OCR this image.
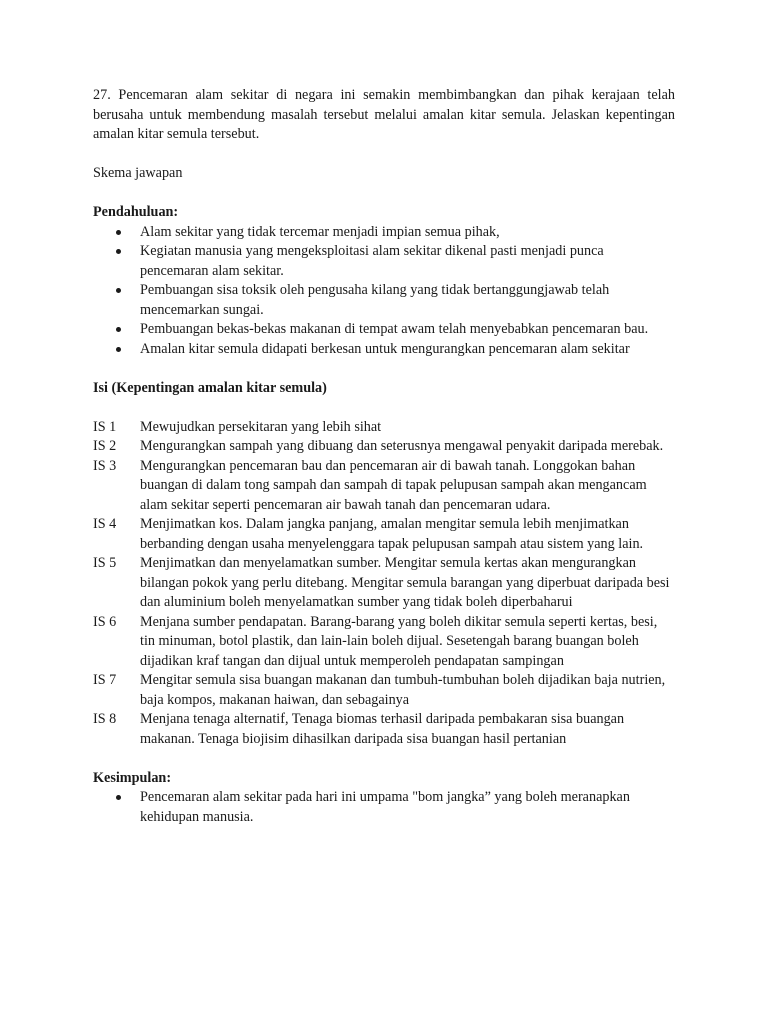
27. Pencemaran alam sekitar di negara ini semakin membimbangkan dan pihak kerajaan telah berusaha untuk membendung masalah tersebut melalui amalan kitar semula. Jelaskan kepentingan amalan kitar semula tersebut.

Skema jawapan

Pendahuluan:

Alam sekitar yang tidak tercemar menjadi impian semua pihak,
Kegiatan manusia yang mengeksploitasi alam sekitar dikenal pasti menjadi punca pencemaran alam sekitar.
Pembuangan sisa toksik oleh pengusaha kilang yang tidak bertanggungjawab telah mencemarkan sungai.
Pembuangan bekas-bekas makanan di tempat awam telah menyebabkan pencemaran bau.
Amalan kitar semula didapati berkesan untuk mengurangkan pencemaran alam sekitar

Isi (Kepentingan amalan kitar semula)

IS 1	Mewujudkan persekitaran yang lebih sihat
IS 2	Mengurangkan sampah yang dibuang dan seterusnya mengawal penyakit daripada merebak.
IS 3	Mengurangkan pencemaran bau dan pencemaran air di bawah tanah. Longgokan bahan buangan di dalam tong sampah dan sampah di tapak pelupusan sampah akan mengancam alam sekitar seperti pencemaran air bawah tanah dan pencemaran udara.
IS 4	Menjimatkan kos. Dalam jangka panjang, amalan mengitar semula lebih menjimatkan berbanding dengan usaha menyelenggara tapak pelupusan sampah atau sistem yang lain.
IS 5	Menjimatkan dan menyelamatkan sumber. Mengitar semula kertas akan mengurangkan bilangan pokok yang perlu ditebang. Mengitar semula barangan yang diperbuat daripada besi dan aluminium boleh menyelamatkan sumber yang tidak boleh diperbaharui
IS 6	Menjana sumber pendapatan. Barang-barang yang boleh dikitar semula seperti kertas, besi, tin minuman, botol plastik, dan lain-lain boleh dijual. Sesetengah barang buangan boleh dijadikan kraf tangan dan dijual untuk memperoleh pendapatan sampingan
IS 7	Mengitar semula sisa buangan makanan dan tumbuh-tumbuhan boleh dijadikan baja nutrien, baja kompos, makanan haiwan, dan sebagainya
IS 8	Menjana tenaga alternatif, Tenaga biomas terhasil daripada pembakaran sisa buangan makanan. Tenaga biojisim dihasilkan daripada sisa buangan hasil pertanian

Kesimpulan:

Pencemaran alam sekitar pada hari ini umpama "bom jangka” yang boleh meranapkan kehidupan manusia.
